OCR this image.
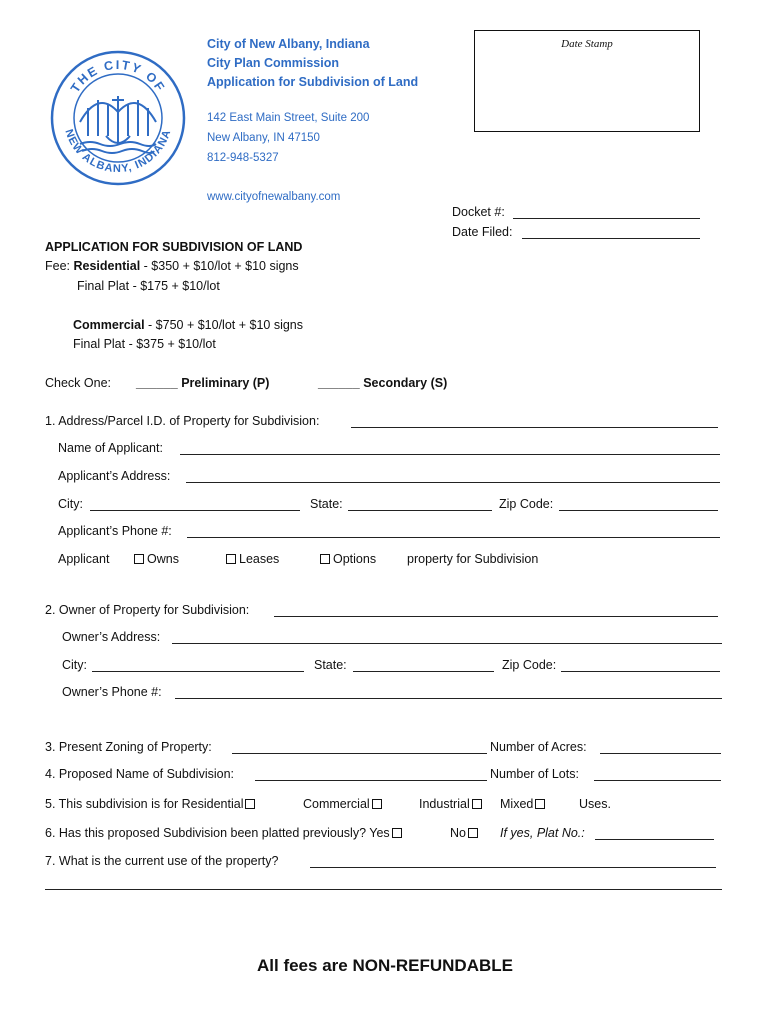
THE CITY OF
NEW ALBANY, INDIANA
City of New Albany, Indiana
City Plan Commission
Application for Subdivision of Land
142 East Main Street, Suite 200
New Albany, IN 47150
812-948-5327
www.cityofnewalbany.com
Date Stamp
Docket #:
Date Filed:
APPLICATION FOR SUBDIVISION OF LAND
Fee: Residential - $350 + $10/lot + $10 signs
Final Plat - $175 + $10/lot
Commercial - $750 + $10/lot + $10 signs
Final Plat - $375 + $10/lot
Check One: ______ Preliminary (P)	______ Secondary (S)
1. Address/Parcel I.D. of Property for Subdivision:
Name of Applicant:
Applicant’s Address:
City:	State:	Zip Code:
Applicant’s Phone #:
Applicant	Owns	Leases	Options property for Subdivision
2. Owner of Property for Subdivision:
Owner’s Address:
City:	State:	Zip Code:
Owner’s Phone #:
3. Present Zoning of Property:	Number of Acres:
4. Proposed Name of Subdivision:	Number of Lots:
5. This subdivision is for Residential	Commercial	Industrial	Mixed	Uses.
6. Has this proposed Subdivision been platted previously? Yes	No	If yes, Plat No.:
7. What is the current use of the property?
All fees are NON-REFUNDABLE
